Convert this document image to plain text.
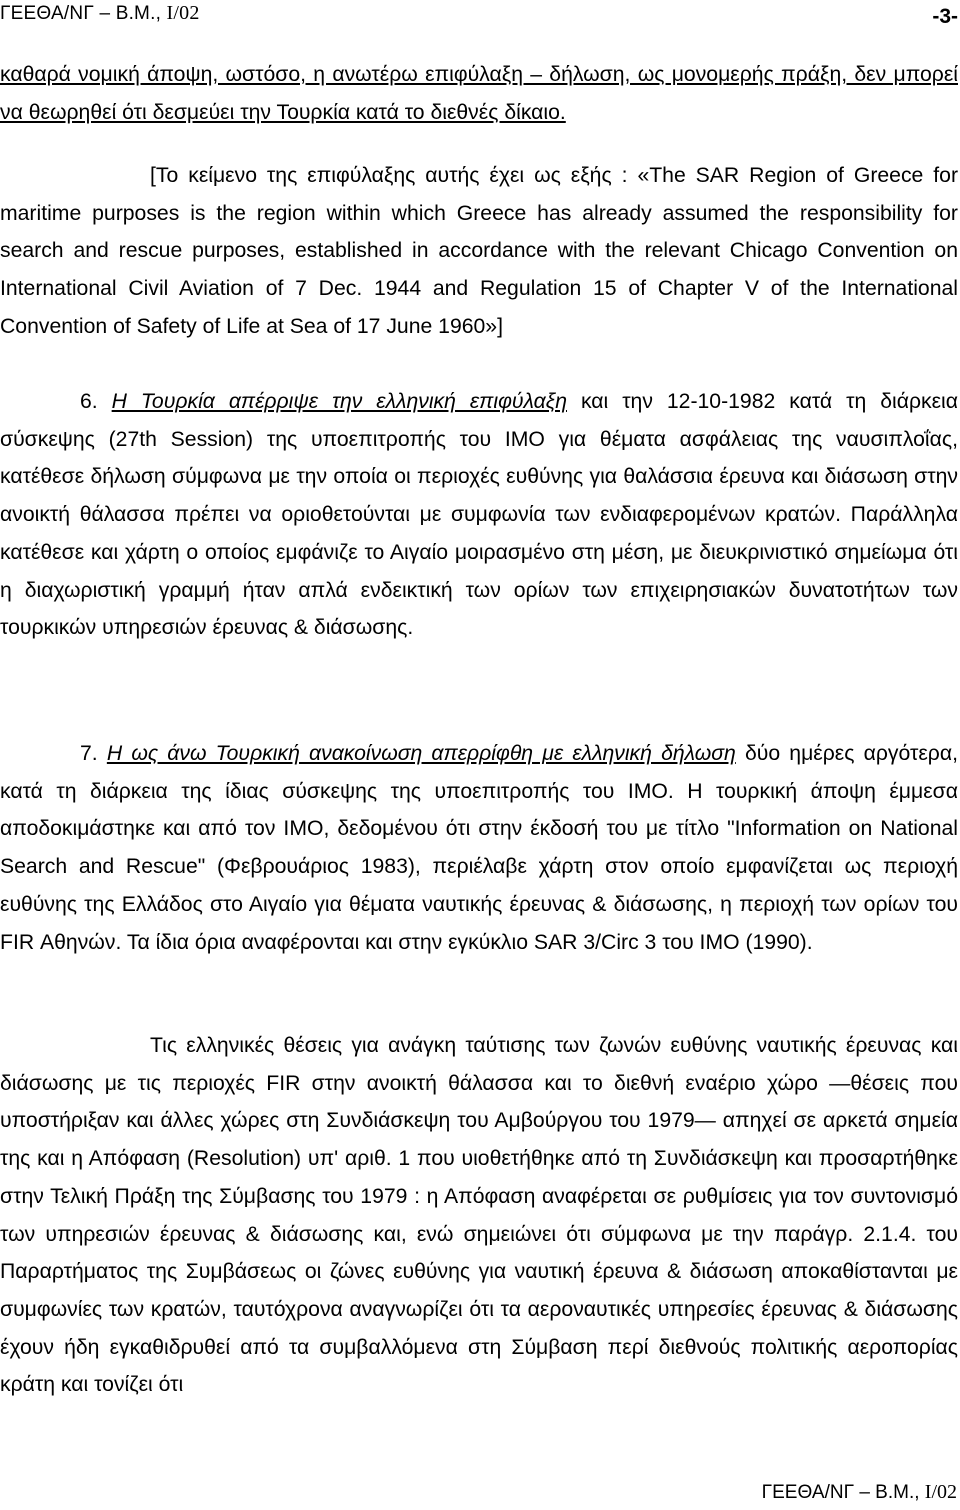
ΓΕΕΘΑ/ΝΓ – Β.Μ., Ι/02	-3-

καθαρά νομική άποψη, ωστόσο, η ανωτέρω επιφύλαξη – δήλωση, ως μονομερής πράξη, δεν μπορεί να θεωρηθεί ότι δεσμεύει την Τουρκία κατά το διεθνές δίκαιο.

[Το κείμενο της επιφύλαξης αυτής έχει ως εξής : «The SAR Region of Greece for maritime purposes is the region within which Greece has already assumed the responsibility for search and rescue purposes, established in accordance with the relevant Chicago Convention on International Civil Aviation of 7 Dec. 1944 and Regulation 15 of Chapter V of the International Convention of Safety of Life at Sea of 17 June 1960»]

6. Η Τουρκία απέρριψε την ελληνική επιφύλαξη και την 12-10-1982 κατά τη διάρκεια σύσκεψης (27th Session) της υποεπιτροπής του ΙΜΟ για θέματα ασφάλειας της ναυσιπλοΐας, κατέθεσε δήλωση σύμφωνα με την οποία οι περιοχές ευθύνης για θαλάσσια έρευνα και διάσωση στην ανοικτή θάλασσα πρέπει να οριοθετούνται με συμφωνία των ενδιαφερομένων κρατών. Παράλληλα κατέθεσε και χάρτη ο οποίος εμφάνιζε το Αιγαίο μοιρασμένο στη μέση, με διευκρινιστικό σημείωμα ότι η διαχωριστική γραμμή ήταν απλά ενδεικτική των ορίων των επιχειρησιακών δυνατοτήτων των τουρκικών υπηρεσιών έρευνας & διάσωσης.

7. Η ως άνω Τουρκική ανακοίνωση απερρίφθη με ελληνική δήλωση δύο ημέρες αργότερα, κατά τη διάρκεια της ίδιας σύσκεψης της υποεπιτροπής του ΙΜΟ. Η τουρκική άποψη έμμεσα αποδοκιμάστηκε και από τον ΙΜΟ, δεδομένου ότι στην έκδοσή του με τίτλο "Information on National Search and Rescue" (Φεβρουάριος 1983), περιέλαβε χάρτη στον οποίο εμφανίζεται ως περιοχή ευθύνης της Ελλάδος στο Αιγαίο για θέματα ναυτικής έρευνας & διάσωσης, η περιοχή των ορίων του FIR Αθηνών. Τα ίδια όρια αναφέρονται και στην εγκύκλιο SAR 3/Circ 3 του ΙΜΟ (1990).

Τις ελληνικές θέσεις για ανάγκη ταύτισης των ζωνών ευθύνης ναυτικής έρευνας και διάσωσης με τις περιοχές FIR στην ανοικτή θάλασσα και το διεθνή εναέριο χώρο —θέσεις που υποστήριξαν και άλλες χώρες στη Συνδιάσκεψη του Αμβούργου του 1979— απηχεί σε αρκετά σημεία της και η Απόφαση (Resolution) υπ' αριθ. 1 που υιοθετήθηκε από τη Συνδιάσκεψη και προσαρτήθηκε στην Τελική Πράξη της Σύμβασης του 1979 : η Απόφαση αναφέρεται σε ρυθμίσεις για τον συντονισμό των υπηρεσιών έρευνας & διάσωσης και, ενώ σημειώνει ότι σύμφωνα με την παράγρ. 2.1.4. του Παραρτήματος της Συμβάσεως οι ζώνες ευθύνης για ναυτική έρευνα & διάσωση αποκαθίστανται με συμφωνίες των κρατών, ταυτόχρονα αναγνωρίζει ότι τα αεροναυτικές υπηρεσίες έρευνας & διάσωσης έχουν ήδη εγκαθιδρυθεί από τα συμβαλλόμενα στη Σύμβαση περί διεθνούς πολιτικής αεροπορίας κράτη και τονίζει ότι

ΓΕΕΘΑ/ΝΓ – Β.Μ., Ι/02
